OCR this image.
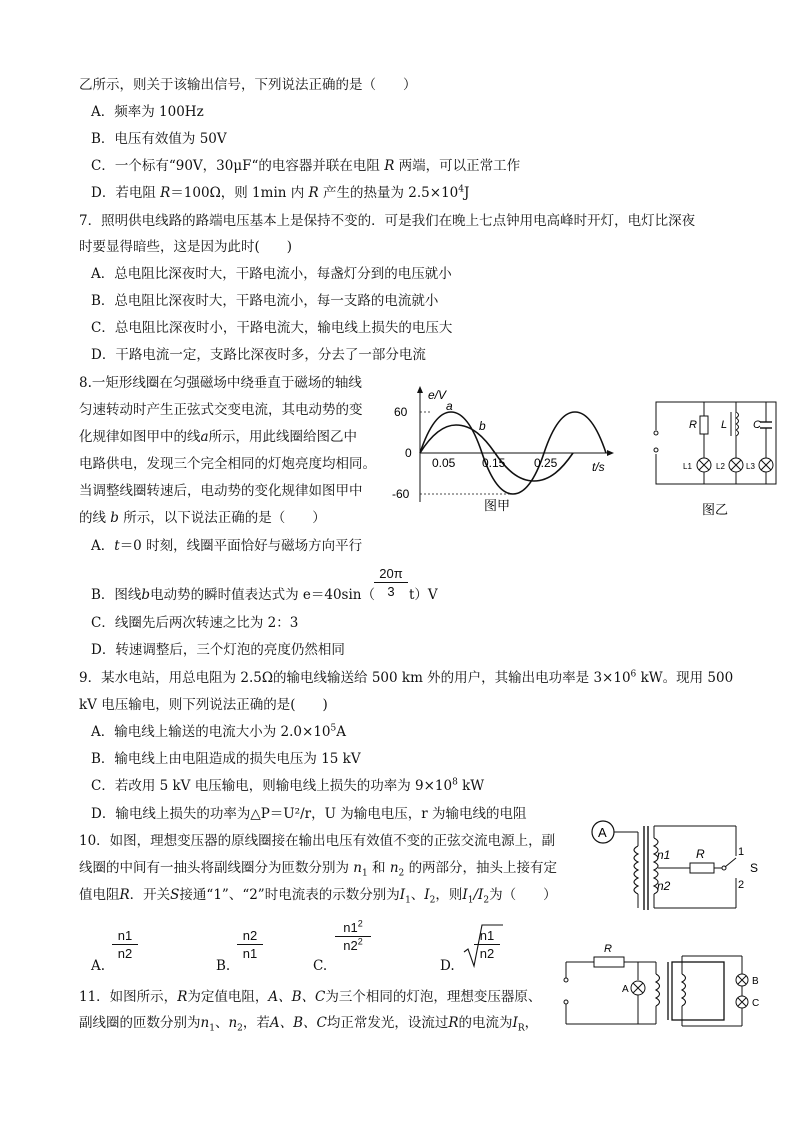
乙所示，则关于该输出信号，下列说法正确的是（　　）
A．频率为 100Hz
B．电压有效值为 50V
C．一个标有“90V，30μF“的电容器并联在电阻 R 两端，可以正常工作
D．若电阻 R＝100Ω，则 1min 内 R 产生的热量为 $2.5\times 10^4J$
7．照明供电线路的路端电压基本上是保持不变的．可是我们在晚上七点钟用电高峰时开灯，电灯比深夜
时要显得暗些，这是因为此时(　　)
A．总电阻比深夜时大，干路电流小，每盏灯分到的电压就小
B．总电阻比深夜时大，干路电流小，每一支路的电流就小
C．总电阻比深夜时小，干路电流大，输电线上损失的电压大
D．干路电流一定，支路比深夜时多，分去了一部分电流
8.一矩形线圈在匀强磁场中绕垂直于磁场的轴线
匀速转动时产生正弦式交变电流，其电动势的变
化规律如图甲中的线a所示，用此线圈给图乙中
电路供电，发现三个完全相同的灯炮亮度均相同。
当调整线圈转速后，电动势的变化规律如图甲中
的线 b 所示，以下说法正确的是（　　）
A．t＝0 时刻，线圈平面恰好与磁场方向平行
B．图线b电动势的瞬时值表达式为 e＝40sin（	t）V
20π
3
C．线圈先后两次转速之比为 2：3
D．转速调整后，三个灯泡的亮度仍然相同
e/V
60
0
-60
0.05 0.15 0.25	t/s
a
b
图甲
R L C
L1	L2	L3
图乙
9．某水电站，用总电阻为 2.5Ω的输电线输送给 500 km 外的用户，其输出电功率是 $3\times 10^6$ kW。现用 500
kV 电压输电，则下列说法正确的是(　　)
A．输电线上输送的电流大小为 $2.0\times 10^5A$
B．输电线上由电阻造成的损失电压为 15 kV
C．若改用 5 kV 电压输电，则输电线上损失的功率为 $9\times 10^8$ kW
D．输电线上损失的功率为△P＝U²/r，U 为输电电压，r 为输电线的电阻
10．如图，理想变压器的原线圈接在输出电压有效值不变的正弦交流电源上，副
线圈的中间有一抽头将副线圈分为匝数分别为 $n_1$ 和 $n_2$ 的两部分，抽头上接有定
值电阻R．开关S接通“1”、“2”时电流表的示数分别为$I_1$、$I_2$，则$I_1/I_2$为（　　）
A.
n1
n2
B.
n2
n1
C.
$n1^2$
$n2^2$
D.
n1
n2
A
n1
n2
R	1
2
S
11．如图所示，R为定值电阻，A、B、C为三个相同的灯泡，理想变压器原、
副线圈的匝数分别为$n_1$、$n_2$，若A、B、C均正常发光，设流过R的电流为$I_R$，
R
A
B
C
